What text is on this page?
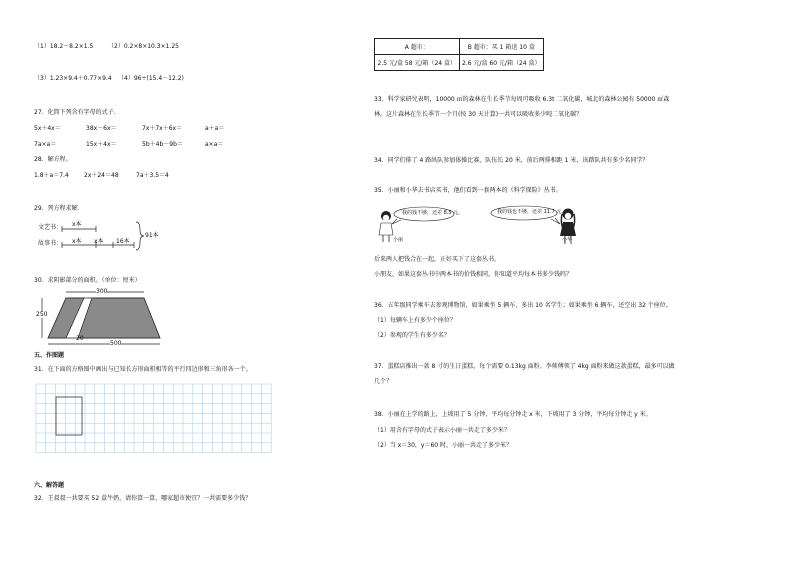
（1）18.2－8.2×1.5 （2）0.2×8×10.3×1.25
（3）1.23×9.4＋0.77×9.4 （4）96÷(15.4－12.2)
27．化简下列含有字母的式子．
5x＋4x＝	38x－6x＝	7x＋7x＋6x＝	a＋a＝
7a×a＝	15x＋4x＝	5b＋4b－9b＝	a×a＝
28．解方程。
1.8＋a＝7.4	2x＋24＝48	7a＋3.5＝4
29．列方程求解．
文艺书：
故事书：
x本
x本 x本 16本
91本
30．求阴影部分的面积。（单位：厘米）
300
250
20
500
五、作图题
31．在下面的方格图中画出与已知长方形面积相等的平行四边形和三角形各一个。
六、解答题
32．王叔叔一共要买 52 盒牛奶，请你算一算，哪家超市便宜？一共需要多少钱？
A 超市：	B 超市：买 1 箱送 10 盒
2.5 元/盒 58 元/箱（24 盒）	2.6 元/盒 60 元/箱（24 盒）
33．科学家研究表明，10000 ㎡的森林在生长季节每周可吸收 6.3t 二氧化碳，城北的森林公园有 50000 ㎡森
林。这片森林在生长季节一个月(按 30 天计算)一共可以吸收多少吨二氧化碳？
34．同学们排了 4 路纵队参加体操比赛，队伍长 20 米，前后两排相距 1 米，该踏队共有多少名同学？
35．小丽和小华去书店买书，他们看到一套两本的《科学探险》丛书。
我的钱不够，还差 8.5 元。	我的钱也不够，还差 11.7 元。
小丽	小华
后来两人把钱合在一起，正好买下了这套丛书。
小朋友，如果这套丛书中两本书的价钱相同，你知道平均每本书多少钱吗？
36．五年级同学乘车去参观博物馆，如果乘坐 5 辆车，多出 10 名学生；如果乘坐 6 辆车，还空出 32 个座位。
（1）每辆车上有多少个座位？
（2）参观的学生有多少名？
37．蛋糕店推出一款 8 寸的生日蛋糕，每个需要 0.13kg 面粉。李师傅领了 4kg 面粉来做这款蛋糕，最多可以做
几个？
38．小丽在上学的路上，上坡用了 5 分钟，平均每分钟走 x 米，下坡用了 3 分钟，平均每分钟走 y 米。
（1）用含有字母的式子表示小丽一共走了多少米？
（2）当 x＝30，y＝60 时，小丽一共走了多少米？
